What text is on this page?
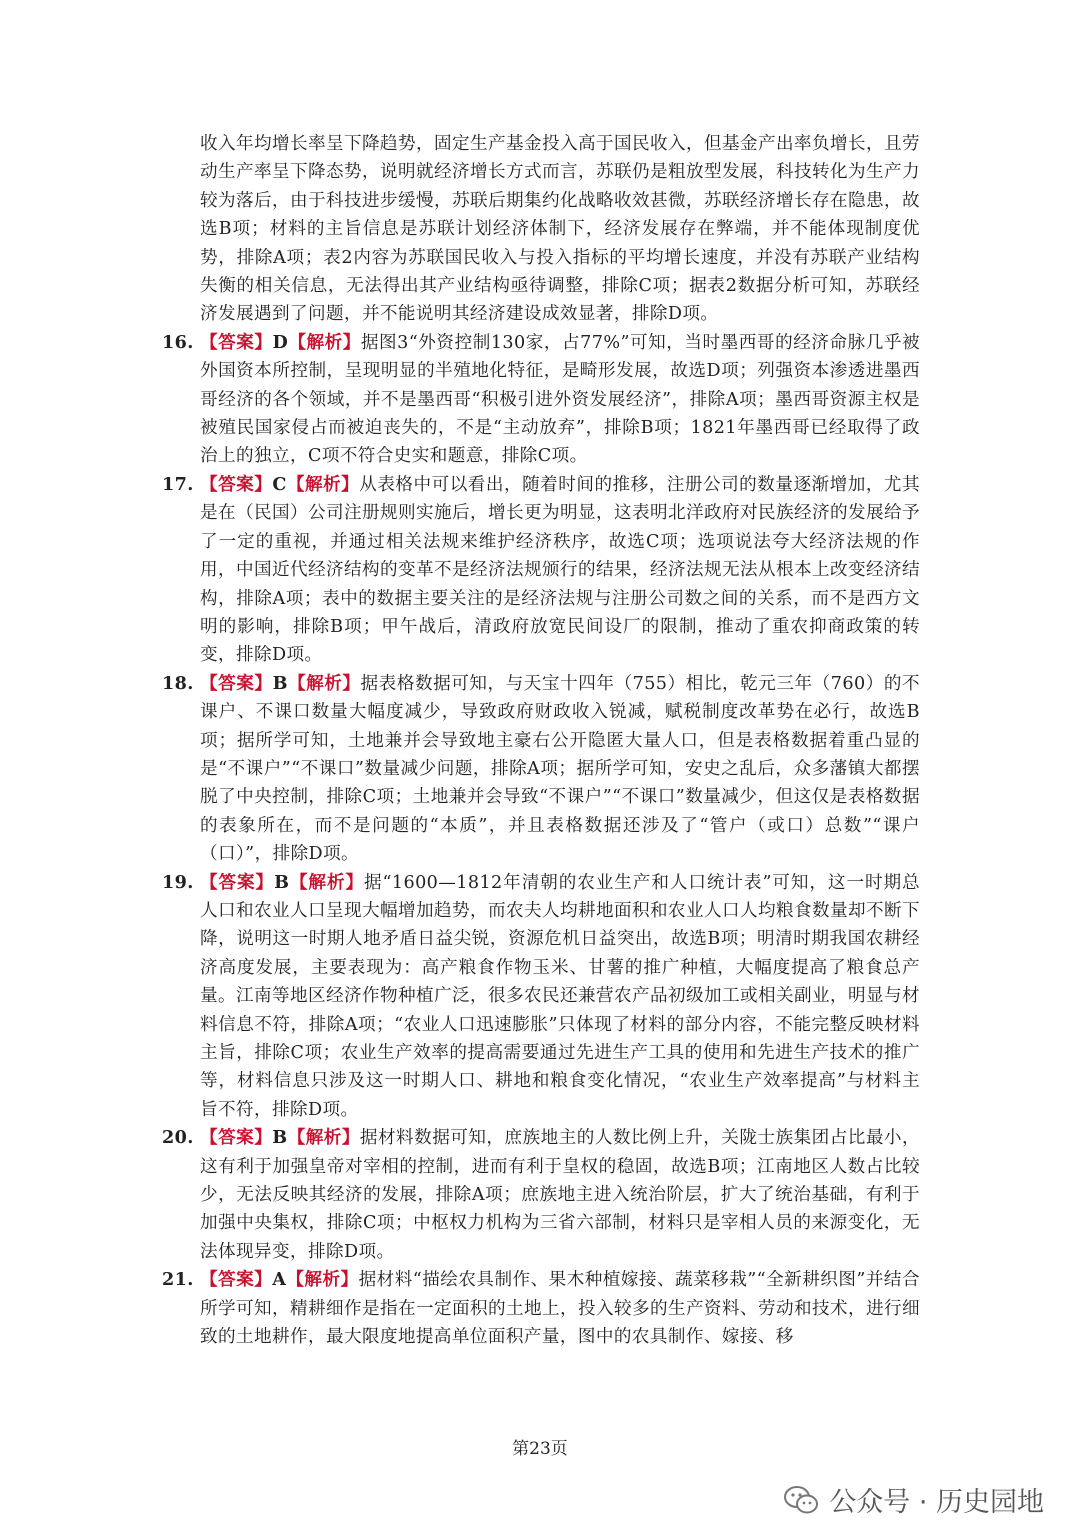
收入年均增长率呈下降趋势，固定生产基金投入高于国民收入，但基金产出率负增长，且劳动生产率呈下降态势，说明就经济增长方式而言，苏联仍是粗放型发展，科技转化为生产力较为落后，由于科技进步缓慢，苏联后期集约化战略收效甚微，苏联经济增长存在隐患，故选B项；材料的主旨信息是苏联计划经济体制下，经济发展存在弊端，并不能体现制度优势，排除A项；表2内容为苏联国民收入与投入指标的平均增长速度，并没有苏联产业结构失衡的相关信息，无法得出其产业结构亟待调整，排除C项；据表2数据分析可知，苏联经济发展遇到了问题，并不能说明其经济建设成效显著，排除D项。
16. 【答案】D【解析】据图3“外资控制130家，占77%”可知，当时墨西哥的经济命脉几乎被外国资本所控制，呈现明显的半殖地化特征，是畸形发展，故选D项；列强资本渗透进墨西哥经济的各个领域，并不是墨西哥“积极引进外资发展经济”，排除A项；墨西哥资源主权是被殖民国家侵占而被迫丧失的，不是“主动放弃”，排除B项；1821年墨西哥已经取得了政治上的独立，C项不符合史实和题意，排除C项。
17. 【答案】C【解析】从表格中可以看出，随着时间的推移，注册公司的数量逐渐增加，尤其是在（民国）公司注册规则实施后，增长更为明显，这表明北洋政府对民族经济的发展给予了一定的重视，并通过相关法规来维护经济秩序，故选C项；选项说法夸大经济法规的作用，中国近代经济结构的变革不是经济法规颁行的结果，经济法规无法从根本上改变经济结构，排除A项；表中的数据主要关注的是经济法规与注册公司数之间的关系，而不是西方文明的影响，排除B项；甲午战后，清政府放宽民间设厂的限制，推动了重农抑商政策的转变，排除D项。
18. 【答案】B【解析】据表格数据可知，与天宝十四年（755）相比，乾元三年（760）的不课户、不课口数量大幅度减少，导致政府财政收入锐减，赋税制度改革势在必行，故选B项；据所学可知，土地兼并会导致地主豪右公开隐匿大量人口，但是表格数据着重凸显的是“不课户”“不课口”数量减少问题，排除A项；据所学可知，安史之乱后，众多藩镇大都摆脱了中央控制，排除C项；土地兼并会导致“不课户”“不课口”数量减少，但这仅是表格数据的表象所在，而不是问题的“本质”，并且表格数据还涉及了“管户（或口）总数”“课户（口）”，排除D项。
19. 【答案】B【解析】据“1600—1812年清朝的农业生产和人口统计表”可知，这一时期总人口和农业人口呈现大幅增加趋势，而农夫人均耕地面积和农业人口人均粮食数量却不断下降，说明这一时期人地矛盾日益尖锐，资源危机日益突出，故选B项；明清时期我国农耕经济高度发展，主要表现为：高产粮食作物玉米、甘薯的推广种植，大幅度提高了粮食总产量。江南等地区经济作物种植广泛，很多农民还兼营农产品初级加工或相关副业，明显与材料信息不符，排除A项；“农业人口迅速膨胀”只体现了材料的部分内容，不能完整反映材料主旨，排除C项；农业生产效率的提高需要通过先进生产工具的使用和先进生产技术的推广等，材料信息只涉及这一时期人口、耕地和粮食变化情况，“农业生产效率提高”与材料主旨不符，排除D项。
20. 【答案】B【解析】据材料数据可知，庶族地主的人数比例上升，关陇士族集团占比最小，这有利于加强皇帝对宰相的控制，进而有利于皇权的稳固，故选B项；江南地区人数占比较少，无法反映其经济的发展，排除A项；庶族地主进入统治阶层，扩大了统治基础，有利于加强中央集权，排除C项；中枢权力机构为三省六部制，材料只是宰相人员的来源变化，无法体现异变，排除D项。
21. 【答案】A【解析】据材料“描绘农具制作、果木种植嫁接、蔬菜移栽”“全新耕织图”并结合所学可知，精耕细作是指在一定面积的土地上，投入较多的生产资料、劳动和技术，进行细致的土地耕作，最大限度地提高单位面积产量，图中的农具制作、嫁接、移
第23页
公众号 · 历史园地
